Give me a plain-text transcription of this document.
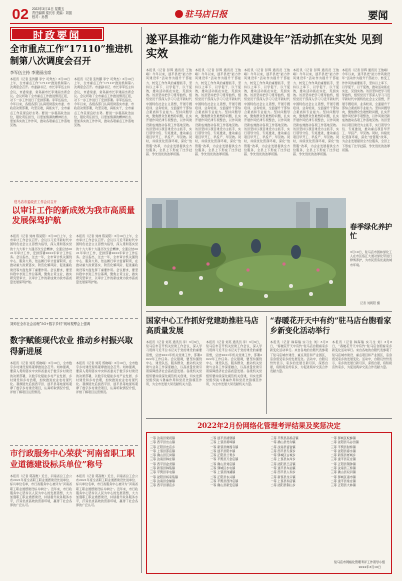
02 2022年3月11日 星期五
责任编辑 梁长东 美编：刘振
校对：孙慧	驻马店日报	要闻
时政要闻
全市重点工作“17110”推进机制第八次调度会召开
李军伍主持 李建丽出席
本报讯（记者 张传鹏 李宁 司秀杰）3月10日上午，全市重点工作“17110”推进机制第八次调度会召开。市委副书记、市长李军伍主持会议，市委常委、常务副市长李建丽出席会议。会议听取了全市重点工作推进情况汇报，对下一步工作进行了安排部署。李军伍指出，今年以来，各级各部门认真贯彻落实市委、市政府决策部署，攻坚克难，真抓实干，全市重点工作呈现良好态势。要进一步提高政治站位，强化责任担当，以更加饱满的精神状态、更加务实的工作作风，推动各项重点工作落地见效。
本报讯（记者 张传鹏 李宁 司秀杰）3月10日上午，全市重点工作“17110”推进机制第八次调度会召开。市委副书记、市长李军伍主持会议，市委常委、常务副市长李建丽出席会议。会议听取了全市重点工作推进情况汇报，对下一步工作进行了安排部署。李军伍指出，今年以来，各级各部门认真贯彻落实市委、市政府决策部署，攻坚克难，真抓实干，全市重点工作呈现良好态势。要进一步提高政治站位，强化责任担当，以更加饱满的精神状态、更加务实的工作作风，推动各项重点工作落地见效。
驻马店市委政法工作会议召开
以审计工作的新成效为我市高质量发展保驾护航
本报讯（记者 刘帅 陈昊阳）3月10日上午，全市审计工作会议召开。会议以习近平新时代中国特色社会主义思想为指导，深入贯彻落实党的十九大和十九届历次全会精神，全面总结2021年审计工作，安排部署2022年审计工作任务。会议指出，过去一年，全市审计机关围绕中心、服务大局，依法履行审计监督职责，在推动重大政策落实、防范化解风险、促进廉政建设等方面发挥了重要作用。会议要求，要坚持稳中求进工作总基调，聚焦主责主业，做实研究型审计，以审计工作的新成效为我市高质量发展保驾护航。
本报讯（记者 刘帅 陈昊阳）3月10日上午，全市审计工作会议召开。会议以习近平新时代中国特色社会主义思想为指导，深入贯彻落实党的十九大和十九届历次全会精神，全面总结2021年审计工作，安排部署2022年审计工作任务。会议指出，过去一年，全市审计机关围绕中心、服务大局，依法履行审计监督职责，在推动重大政策落实、防范化解风险、促进廉政建设等方面发挥了重要作用。会议要求，要坚持稳中求进工作总基调，聚焦主责主业，做实研究型审计，以审计工作的新成效为我市高质量发展保驾护航。
刘帅在全市社会治理“5G+数字乡村”现场观摩会上强调
数字赋能现代农业 推动乡村振兴取得新进展
本报讯（记者 刘英 郑晓峰）3月10日，全市数字乡村建设现场观摩推进会召开。刘帅强调，要深入贯彻落实中央和省委关于数字乡村建设的决策部署，以数字化赋能乡村产业发展、乡村建设和乡村治理，加快推进农业农村现代化。观摩团先后到西平县、遂平县等地现场观摩了数字乡村建设项目，认真听取情况介绍，详细了解项目运营情况。
本报讯（记者 刘英 郑晓峰）3月10日，全市数字乡村建设现场观摩推进会召开。刘帅强调，要深入贯彻落实中央和省委关于数字乡村建设的决策部署，以数字化赋能乡村产业发展、乡村建设和乡村治理，加快推进农业农村现代化。观摩团先后到西平县、遂平县等地现场观摩了数字乡村建设项目，认真听取情况介绍，详细了解项目运营情况。
市行政服务中心荣获“河南省职工职业道德建设标兵单位”称号
本报讯（记者 郭高维）近日，河南省总工会公布2021年度全省职工职业道德建设先进单位、标兵单位名单，市行政服务中心被评为“河南省职工职业道德建设标兵单位”。近年来，市行政服务中心坚持以人民为中心的发展思想，大力加强职工职业道德建设，持续提升政务服务水平，打造优质高效的营商环境，赢得了社会各界的广泛认可。
本报讯（记者 郭高维）近日，河南省总工会公布2021年度全省职工职业道德建设先进单位、标兵单位名单，市行政服务中心被评为“河南省职工职业道德建设标兵单位”。近年来，市行政服务中心坚持以人民为中心的发展思想，大力加强职工职业道德建设，持续提升政务服务水平，打造优质高效的营商环境，赢得了社会各界的广泛认可。
遂平县推动“能力作风建设年”活动抓在实处 见到实效
本报讯（记者 彭辉 通讯员 王俊峰）今年以来，遂平县把“能力作风建设年”活动作为提升干部能力、转变工作作风的重要抓手，坚持以上率下、以学促干、以干促效，推动活动抓在实处、见到实效。该县坚持把学习贯穿始终，组织党员干部深入学习习近平新时代中国特色社会主义思想，开展专题培训、业务轮训，全面提升干部综合素质和专业能力。坚持问题导向，聚焦群众急难愁盼问题，扎实开展作风纪律专项整治，以作风建设新成效推动各项工作落地见效。该县坚持以项目建设为主抓手，实行领导分包、专班推进，推动重点项目早开工、早投产、早见效。同时，持续优化营商环境，深化“放管服”改革，为企业发展提供全方位服务，全县上下形成了比学赶超、争先创优的浓厚氛围。
本报讯（记者 彭辉 通讯员 王俊峰）今年以来，遂平县把“能力作风建设年”活动作为提升干部能力、转变工作作风的重要抓手，坚持以上率下、以学促干、以干促效，推动活动抓在实处、见到实效。该县坚持把学习贯穿始终，组织党员干部深入学习习近平新时代中国特色社会主义思想，开展专题培训、业务轮训，全面提升干部综合素质和专业能力。坚持问题导向，聚焦群众急难愁盼问题，扎实开展作风纪律专项整治，以作风建设新成效推动各项工作落地见效。该县坚持以项目建设为主抓手，实行领导分包、专班推进，推动重点项目早开工、早投产、早见效。同时，持续优化营商环境，深化“放管服”改革，为企业发展提供全方位服务，全县上下形成了比学赶超、争先创优的浓厚氛围。
本报讯（记者 彭辉 通讯员 王俊峰）今年以来，遂平县把“能力作风建设年”活动作为提升干部能力、转变工作作风的重要抓手，坚持以上率下、以学促干、以干促效，推动活动抓在实处、见到实效。该县坚持把学习贯穿始终，组织党员干部深入学习习近平新时代中国特色社会主义思想，开展专题培训、业务轮训，全面提升干部综合素质和专业能力。坚持问题导向，聚焦群众急难愁盼问题，扎实开展作风纪律专项整治，以作风建设新成效推动各项工作落地见效。该县坚持以项目建设为主抓手，实行领导分包、专班推进，推动重点项目早开工、早投产、早见效。同时，持续优化营商环境，深化“放管服”改革，为企业发展提供全方位服务，全县上下形成了比学赶超、争先创优的浓厚氛围。
本报讯（记者 彭辉 通讯员 王俊峰）今年以来，遂平县把“能力作风建设年”活动作为提升干部能力、转变工作作风的重要抓手，坚持以上率下、以学促干、以干促效，推动活动抓在实处、见到实效。该县坚持把学习贯穿始终，组织党员干部深入学习习近平新时代中国特色社会主义思想，开展专题培训、业务轮训，全面提升干部综合素质和专业能力。坚持问题导向，聚焦群众急难愁盼问题，扎实开展作风纪律专项整治，以作风建设新成效推动各项工作落地见效。该县坚持以项目建设为主抓手，实行领导分包、专班推进，推动重点项目早开工、早投产、早见效。同时，持续优化营商环境，深化“放管服”改革，为企业发展提供全方位服务，全县上下形成了比学赶超、争先创优的浓厚氛围。
本报讯（记者 彭辉 通讯员 王俊峰）今年以来，遂平县把“能力作风建设年”活动作为提升干部能力、转变工作作风的重要抓手，坚持以上率下、以学促干、以干促效，推动活动抓在实处、见到实效。该县坚持把学习贯穿始终，组织党员干部深入学习习近平新时代中国特色社会主义思想，开展专题培训、业务轮训，全面提升干部综合素质和专业能力。坚持问题导向，聚焦群众急难愁盼问题，扎实开展作风纪律专项整治，以作风建设新成效推动各项工作落地见效。该县坚持以项目建设为主抓手，实行领导分包、专班推进，推动重点项目早开工、早投产、早见效。同时，持续优化营商环境，深化“放管服”改革，为企业发展提供全方位服务，全县上下形成了比学赶超、争先创优的浓厚氛围。
春季绿化养护忙
3月10日，驻马店市园林绿化工人在市区练江大道对绿化带进行修剪养护，为市民营造优美的城市环境。
记者 刘朝阳 摄
国家中心工作抓好党建助推驻马店高质量发展
本报讯（记者 刘英 通讯员 李）3月9日，驻马店市召开机关党建工作会议，深入学习贯彻习近平总书记关于党的建设的重要思想，总结2021年机关党建工作，部署2022年工作任务。会议强调，要坚持围绕中心、建设队伍、服务群众，推动机关党建与业务工作深度融合，以高质量党建引领保障经济社会高质量发展。各级机关党组织要持续深化模范机关创建，切实发挥党组织战斗堡垒作用和党员先锋模范作用，为全市发展大局贡献机关力量。
本报讯（记者 刘英 通讯员 李）3月9日，驻马店市召开机关党建工作会议，深入学习贯彻习近平总书记关于党的建设的重要思想，总结2021年机关党建工作，部署2022年工作任务。会议强调，要坚持围绕中心、建设队伍、服务群众，推动机关党建与业务工作深度融合，以高质量党建引领保障经济社会高质量发展。各级机关党组织要持续深化模范机关创建，切实发挥党组织战斗堡垒作用和党员先锋模范作用，为全市发展大局贡献机关力量。
“春暖花开天中有约”驻马店台胞看家乡新变化活动举行
本报讯（记者 韩海瑞 实习生 刘）3月8日，“春暖花开天中有约”驻马店台胞看家乡新变化活动举行。来自各地的台胞代表参观了驻马店城市建设、重点项目和产业园区，亲身感受家乡的发展变化。活动中，台胞们纷纷表示，家乡的发展日新月异，深感自豪，将积极宣传家乡，为促进两岸交流合作贡献力量。
本报讯（记者 韩海瑞 实习生 刘）3月8日，“春暖花开天中有约”驻马店台胞看家乡新变化活动举行。来自各地的台胞代表参观了驻马店城市建设、重点项目和产业园区，亲身感受家乡的发展变化。活动中，台胞们纷纷表示，家乡的发展日新月异，深感自豪，将积极宣传家乡，为促进两岸交流合作贡献力量。
2022年2月份网络化管理考评结果及奖惩决定
一等 汝南县梁祝镇	二等 遂平县褚堡镇	三等 平舆县高杨店镇	一等 驿城区蚁蜂镇
二等 西平县出山镇	三等 上蔡县黄埠镇	一等 确山县竹沟镇	二等 泌阳县马谷田镇
三等 正阳县皮店乡	一等 新蔡县佛阁寺镇	二等 汝南县留盆镇	三等 平舆县射桥镇
一等 上蔡县邵店镇	二等 遂平县阳丰镇	三等 西平县专探乡	一等 泌阳县春水镇
二等 确山县瓦岗镇	三等 正阳县兰青乡	一等 驿城区古城乡	二等 新蔡县栎城乡
三等 汝南县韩庄镇	一等 平舆县万金店镇	二等 上蔡县东岸乡	三等 遂平县花庄镇
一等 西平县盆尧镇	二等 确山县刘店镇	三等 泌阳县王店镇	一等 正阳县铜钟镇
二等 新蔡县韩集镇	三等 驿城区水屯镇	一等 遂平县车站镇	二等 汝南县三桥镇
三等 平舆县李屯镇	一等 上蔡县洙湖镇	二等 西平县人和乡	三等 确山县双河镇
一等 泌阳县杨家集镇	二等 正阳县永兴镇	三等 新蔡县龙口镇	一等 驿城区诸市镇
二等 汝南县金铺镇	三等 平舆县西洋店镇	一等 上蔡县和店镇	二等 遂平县常庄镇
三等 西平县谭店乡	一等 确山县新安店镇	二等 泌阳县铜山乡	三等 正阳县大林镇
驻马店市网格化管理考评工作领导小组
2022年3月10日
